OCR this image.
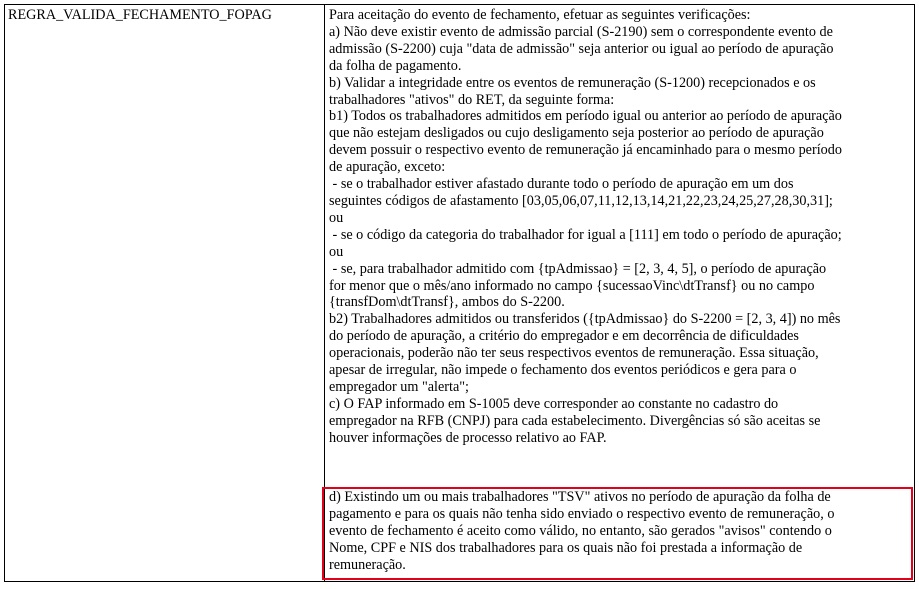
REGRA_VALIDA_FECHAMENTO_FOPAG	Para aceitação do evento de fechamento, efetuar as seguintes verificações:
a) Não deve existir evento de admissão parcial (S-2190) sem o correspondente evento de
admissão (S-2200) cuja "data de admissão" seja anterior ou igual ao período de apuração
da folha de pagamento.
b) Validar a integridade entre os eventos de remuneração (S-1200) recepcionados e os
trabalhadores "ativos" do RET, da seguinte forma:
b1) Todos os trabalhadores admitidos em período igual ou anterior ao período de apuração
que não estejam desligados ou cujo desligamento seja posterior ao período de apuração
devem possuir o respectivo evento de remuneração já encaminhado para o mesmo período
de apuração, exceto:
- se o trabalhador estiver afastado durante todo o período de apuração em um dos
seguintes códigos de afastamento [03,05,06,07,11,12,13,14,21,22,23,24,25,27,28,30,31];
ou
- se o código da categoria do trabalhador for igual a [111] em todo o período de apuração;
ou
- se, para trabalhador admitido com {tpAdmissao} = [2, 3, 4, 5], o período de apuração
for menor que o mês/ano informado no campo {sucessaoVinc\dtTransf} ou no campo
{transfDom\dtTransf}, ambos do S-2200.
b2) Trabalhadores admitidos ou transferidos ({tpAdmissao} do S-2200 = [2, 3, 4]) no mês
do período de apuração, a critério do empregador e em decorrência de dificuldades
operacionais, poderão não ter seus respectivos eventos de remuneração. Essa situação,
apesar de irregular, não impede o fechamento dos eventos periódicos e gera para o
empregador um "alerta";
c) O FAP informado em S-1005 deve corresponder ao constante no cadastro do
empregador na RFB (CNPJ) para cada estabelecimento. Divergências só são aceitas se
houver informações de processo relativo ao FAP.
d) Existindo um ou mais trabalhadores "TSV" ativos no período de apuração da folha de
pagamento e para os quais não tenha sido enviado o respectivo evento de remuneração, o
evento de fechamento é aceito como válido, no entanto, são gerados "avisos" contendo o
Nome, CPF e NIS dos trabalhadores para os quais não foi prestada a informação de
remuneração.
